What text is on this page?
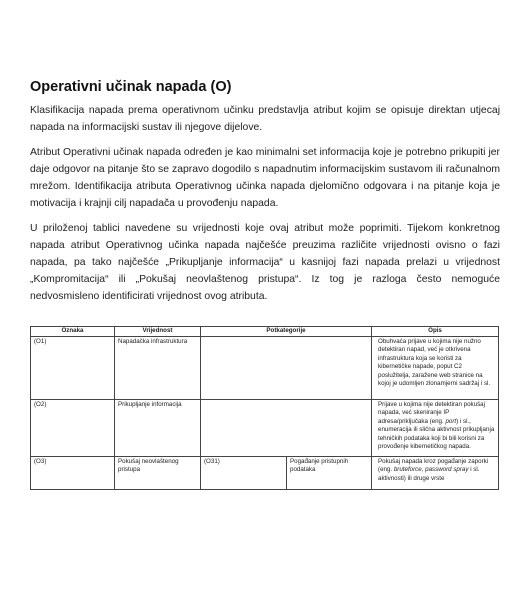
Operativni učinak napada (O)

Klasifikacija napada prema operativnom učinku predstavlja atribut kojim se opisuje direktan utjecaj napada na informacijski sustav ili njegove dijelove.

Atribut Operativni učinak napada određen je kao minimalni set informacija koje je potrebno prikupiti jer daje odgovor na pitanje što se zapravo dogodilo s napadnutim informacijskim sustavom ili računalnom mrežom. Identifikacija atributa Operativnog učinka napada djelomično odgovara i na pitanje koja je motivacija i krajnji cilj napadača u provođenju napada.

U priloženoj tablici navedene su vrijednosti koje ovaj atribut može poprimiti. Tijekom konkretnog napada atribut Operativnog učinka napada najčešće preuzima različite vrijednosti ovisno o fazi napada, pa tako najčešće „Prikupljanje informacija“ u kasnijoj fazi napada prelazi u vrijednost „Kompromitacija“ ili „Pokušaj neovlaštenog pristupa“. Iz tog je razloga često nemoguće nedvosmisleno identificirati vrijednost ovog atributa.

Oznaka	Vrijednost	Potkategorije		Opis
(O1)	Napadačka infrastruktura			Obuhvaća prijave u kojima nije nužno detektiran napad, već je otkrivena infrastruktura koja se koristi za kibernetičke napade, poput C2 poslužitelja, zaražene web stranice na kojoj je udomljen zlonamjerni sadržaj i sl.
(O2)	Prikupljanje informacija			Prijave u kojima nije detektiran pokušaj napada, već skeniranje IP adresa/priključaka (eng. port) i sl., enumeracija ili slična aktivnost prikupljanja tehničkih podataka koji bi bili korisni za provođenje kibernetičkog napada.
(O3)	Pokušaj neovlaštenog pristupa	(O31)	Pogađanje pristupnih podataka	Pokušaj napada kroz pogađanje zaporki (eng. bruteforce, password spray i sl. aktivnosti) ili druge vrste
